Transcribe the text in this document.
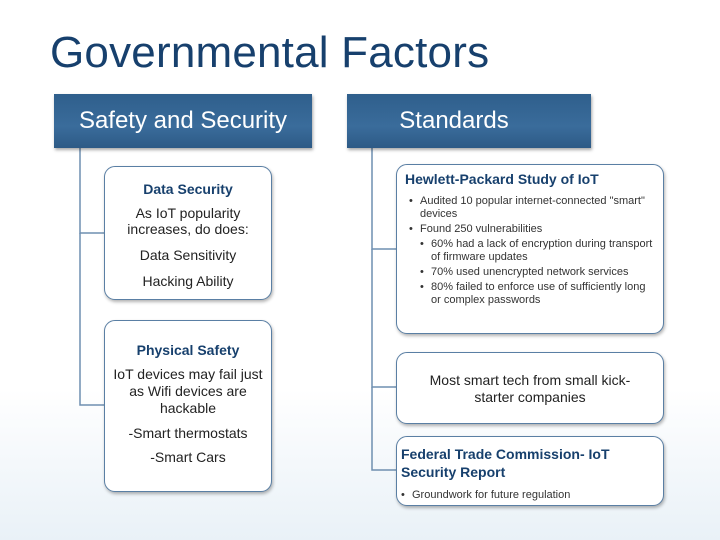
Governmental Factors
Safety and Security	Standards
Data Security
As IoT popularity increases, do does:
Data Sensitivity
Hacking Ability
Physical Safety
IoT devices may fail just as Wifi devices are hackable
-Smart thermostats
-Smart Cars
Hewlett-Packard Study of IoT
• Audited 10 popular internet-connected "smart" devices
• Found 250 vulnerabilities
• 60% had a lack of encryption during transport of firmware updates
• 70% used unencrypted network services
• 80% failed to enforce use of sufficiently long or complex passwords
Most smart tech from small kick-starter companies
Federal Trade Commission- IoT Security Report
• Groundwork for future regulation
